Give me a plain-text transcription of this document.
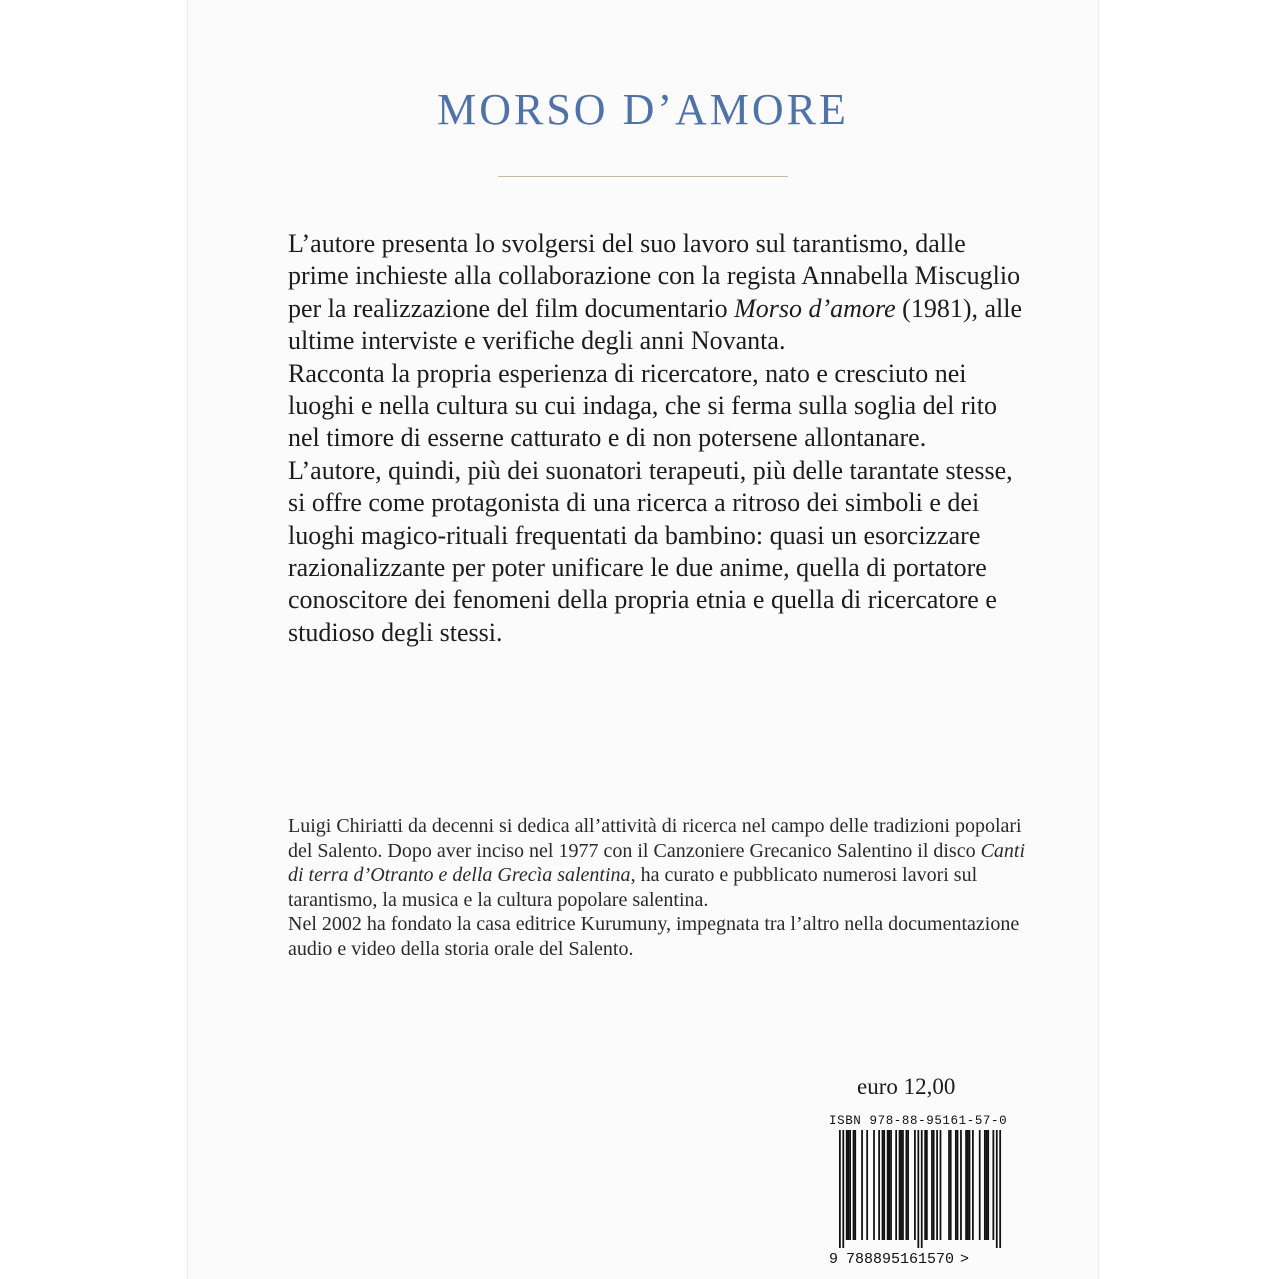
MORSO D’AMORE

L’autore presenta lo svolgersi del suo lavoro sul tarantismo, dalle prime inchieste alla collaborazione con la regista Annabella Miscuglio per la realizzazione del film documentario Morso d’amore (1981), alle ultime interviste e verifiche degli anni Novanta.

Racconta la propria esperienza di ricercatore, nato e cresciuto nei luoghi e nella cultura su cui indaga, che si ferma sulla soglia del rito nel timore di esserne catturato e di non potersene allontanare.

L’autore, quindi, più dei suonatori terapeuti, più delle tarantate stesse, si offre come protagonista di una ricerca a ritroso dei simboli e dei luoghi magico-rituali frequentati da bambino: quasi un esorcizzare razionalizzante per poter unificare le due anime, quella di portatore conoscitore dei fenomeni della propria etnia e quella di ricercatore e studioso degli stessi.

Luigi Chiriatti da decenni si dedica all’attività di ricerca nel campo delle tradizioni popolari del Salento. Dopo aver inciso nel 1977 con il Canzoniere Grecanico Salentino il disco Canti di terra d’Otranto e della Grecìa salentina, ha curato e pubblicato numerosi lavori sul tarantismo, la musica e la cultura popolare salentina.

Nel 2002 ha fondato la casa editrice Kurumuny, impegnata tra l’altro nella documentazione audio e video della storia orale del Salento.

euro 12,00
ISBN 978-88-95161-57-0
9 788895161570 >
